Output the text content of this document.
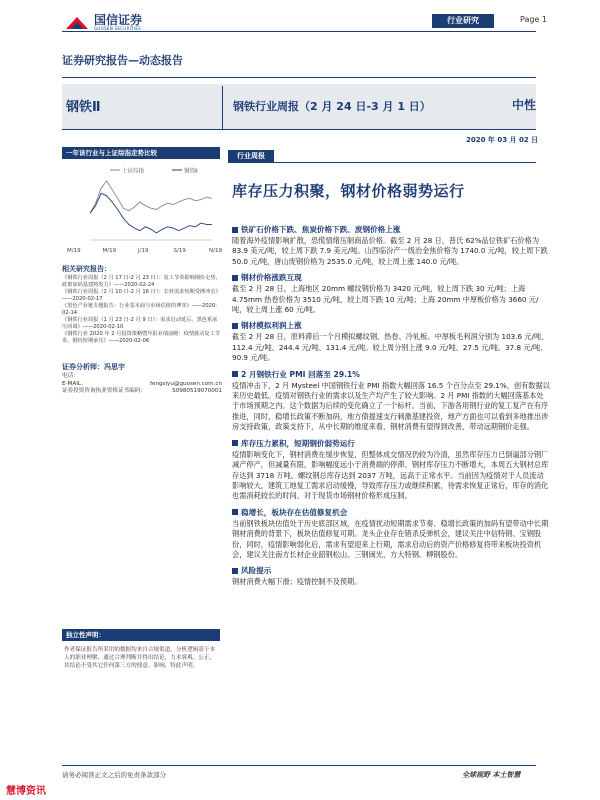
国信证券
GUOSEN SECURITIES
行业研究	Page 1
证券研究报告—动态报告
钢铁Ⅱ	钢铁行业周报（2 月 24 日-3 月 1 日）	中性
2020 年 03 月 02 日
一年该行业与上证综指走势比较
上证综指	钢铁Ⅱ
M/19	M/19	J/19	S/19	N/19
相关研究报告：
《钢铁行业周报（2 月 17 日-2 月 23 日）：复工节奏影响钢价走势，政策加码基建将发力》——2020-02-24
《钢铁行业周报（2 月 10 日-2 月 16 日）：长材需求短期受挫冲击》——2020-02-17
《黑色产业链专题报告：行业基本面与市场估值的博弈》——2020-02-14
《钢铁行业周报（1 月 23 日-2 月 9 日）：需求启动延后，黑色系承压回调》——2020-02-10
《钢铁行业 2020 年 2 月投资策略暨年报业绩前瞻：疫情扰动复工节奏，钢价短期承压》——2020-02-06
证券分析师：冯思宇
电话：
E-MAIL：	fengsiyu@guosen.com.cn
证券投资咨询执业资格证书编码：	S0980519070001
独立性声明：
作者保证报告所采用的数据均来自合规渠道，分析逻辑基于本人的职业理解，通过合理判断并得出结论，力求客观、公正，其结论不受其它任何第三方的授意、影响，特此声明。
行业周报
库存压力积聚，钢材价格弱势运行
铁矿石价格下跌、焦炭价格下跌、废钢价格上涨

随着海外疫情影响扩散，恐慌情绪压制商品价格。截至 2 月 28 日，普氏 62%品位铁矿石价格为 83.9 美元/吨，较上周下跌 7.9 美元/吨。山西临汾产一级冶金焦价格为 1740.0 元/吨，较上周下跌 50.0 元/吨，唐山废钢价格为 2535.0 元/吨，较上周上涨 140.0 元/吨。

钢材价格涨跌互现

截至 2 月 28 日，上海地区 20mm 螺纹钢价格为 3420 元/吨，较上周下跌 30 元/吨；上海 4.75mm 热卷价格为 3510 元/吨，较上周下跌 10 元/吨；上海 20mm 中厚板价格为 3660 元/吨，较上周上涨 60 元/吨。

钢材模拟利润上涨

截至 2 月 28 日，原料滞后一个月模拟螺纹钢、热卷、冷轧板、中厚板毛利润分别为 103.6 元/吨、112.4 元/吨、244.4 元/吨、131.4 元/吨。较上周分别上涨 9.0 元/吨、27.5 元/吨、37.8 元/吨、90.9 元/吨。

2 月钢铁行业 PMI 回落至 29.1%

疫情冲击下，2 月 Mysteel 中国钢铁行业 PMI 指数大幅回落 16.5 个百分点至 29.1%，创有数据以来历史最低。疫情对钢铁行业的需求以及生产均产生了较大影响。2 月 PMI 指数的大幅回落基本处于市场预期之内。这个数据为后续的变化确立了一个标杆。当前，下游各用钢行业的复工复产在有序推进，同时，稳增长政策不断加码，地方债提速支行刺激基建投资，地产方面也可以看到多地推出涉房支持政策，政策支持下，从中长期的维度来看，钢材消费有望得到改善，带动远期钢价走强。

库存压力累积，短期钢价弱势运行

疫情影响变化下，钢材消费在缓步恢复，但整体成交情况仍较为冷清，虽然库存压力已倒逼部分钢厂减产停产，但减量有限，影响幅度远小于消费端的停滞。钢材库存压力不断增大，本周五大钢材总库存达到 3718 万吨、螺纹钢总库存达到 2037 万吨，远高于正常水平。当前因为疫情对于人员流动影响较大，建筑工地复工需求启动缓慢，导致库存压力或继续积累，待需求恢复正常后，库存的消化也需消耗较长的时间，对于现货市场钢材价格形成压制。

稳增长，板块存在估值修复机会

当前钢铁板块估值处于历史底部区域，在疫情扰动短期需求节奏、稳增长政策的加码有望带动中长期钢材消费的背景下，板块估值修复可期。龙头企业存在错杀反弹机会，建议关注中信特钢、宝钢股份，同时，疫情影响弱化后，需求有望迎来上行期，需求启动后的资产价格修复将带来板块投资机会，建议关注南方长材企业韶钢松山、三钢闽光、方大特钢、柳钢股份。

风险提示

钢材消费大幅下滑；疫情控制不及预期。

请务必阅读正文之后的免责条款部分	全球视野 本土智慧
慧博资讯
